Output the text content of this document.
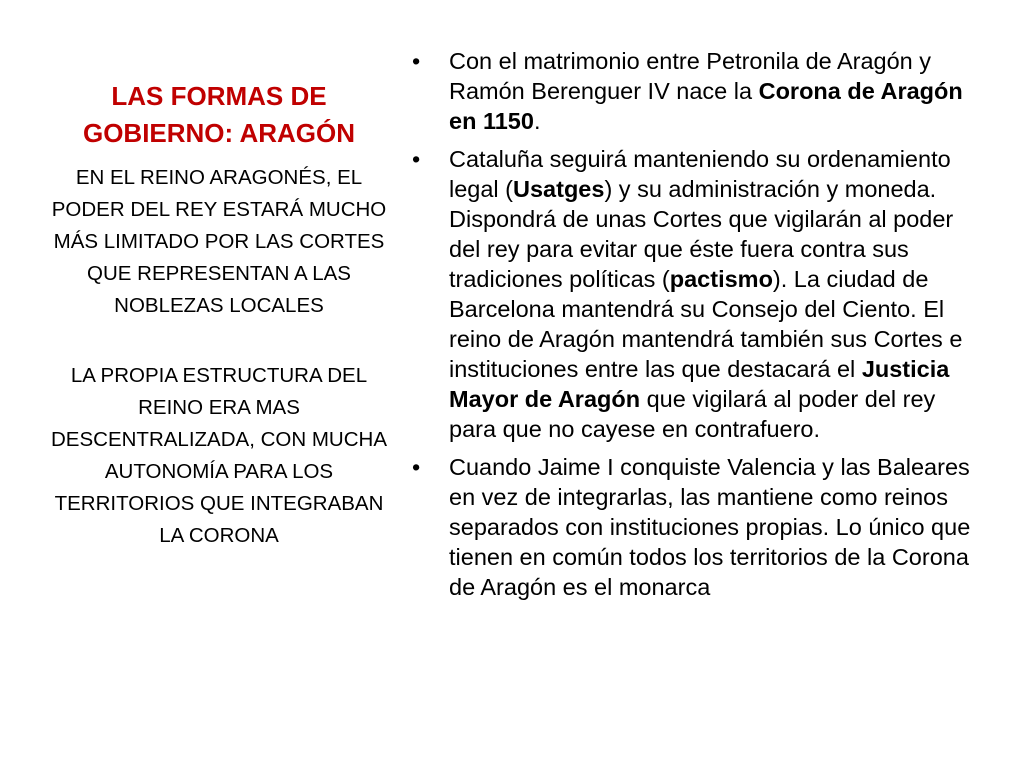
LAS FORMAS DE GOBIERNO: ARAGÓN

EN EL REINO ARAGONÉS, EL PODER DEL REY ESTARÁ MUCHO MÁS LIMITADO POR LAS CORTES QUE REPRESENTAN A LAS NOBLEZAS LOCALES

LA PROPIA ESTRUCTURA DEL REINO ERA MAS DESCENTRALIZADA, CON MUCHA AUTONOMÍA PARA LOS TERRITORIOS QUE INTEGRABAN LA CORONA

• Con el matrimonio entre Petronila de Aragón y Ramón Berenguer IV nace la Corona de Aragón en 1150.
• Cataluña seguirá manteniendo su ordenamiento legal (Usatges) y su administración y moneda. Dispondrá de unas Cortes que vigilarán al poder del rey para evitar que éste fuera contra sus tradiciones políticas (pactismo). La ciudad de Barcelona mantendrá su Consejo del Ciento. El reino de Aragón mantendrá también sus Cortes e instituciones entre las que destacará el Justicia Mayor de Aragón que vigilará al poder del rey para que no cayese en contrafuero.
• Cuando Jaime I conquiste Valencia y las Baleares en vez de integrarlas, las mantiene como reinos separados con instituciones propias. Lo único que tienen en común todos los territorios de la Corona de Aragón es el monarca
